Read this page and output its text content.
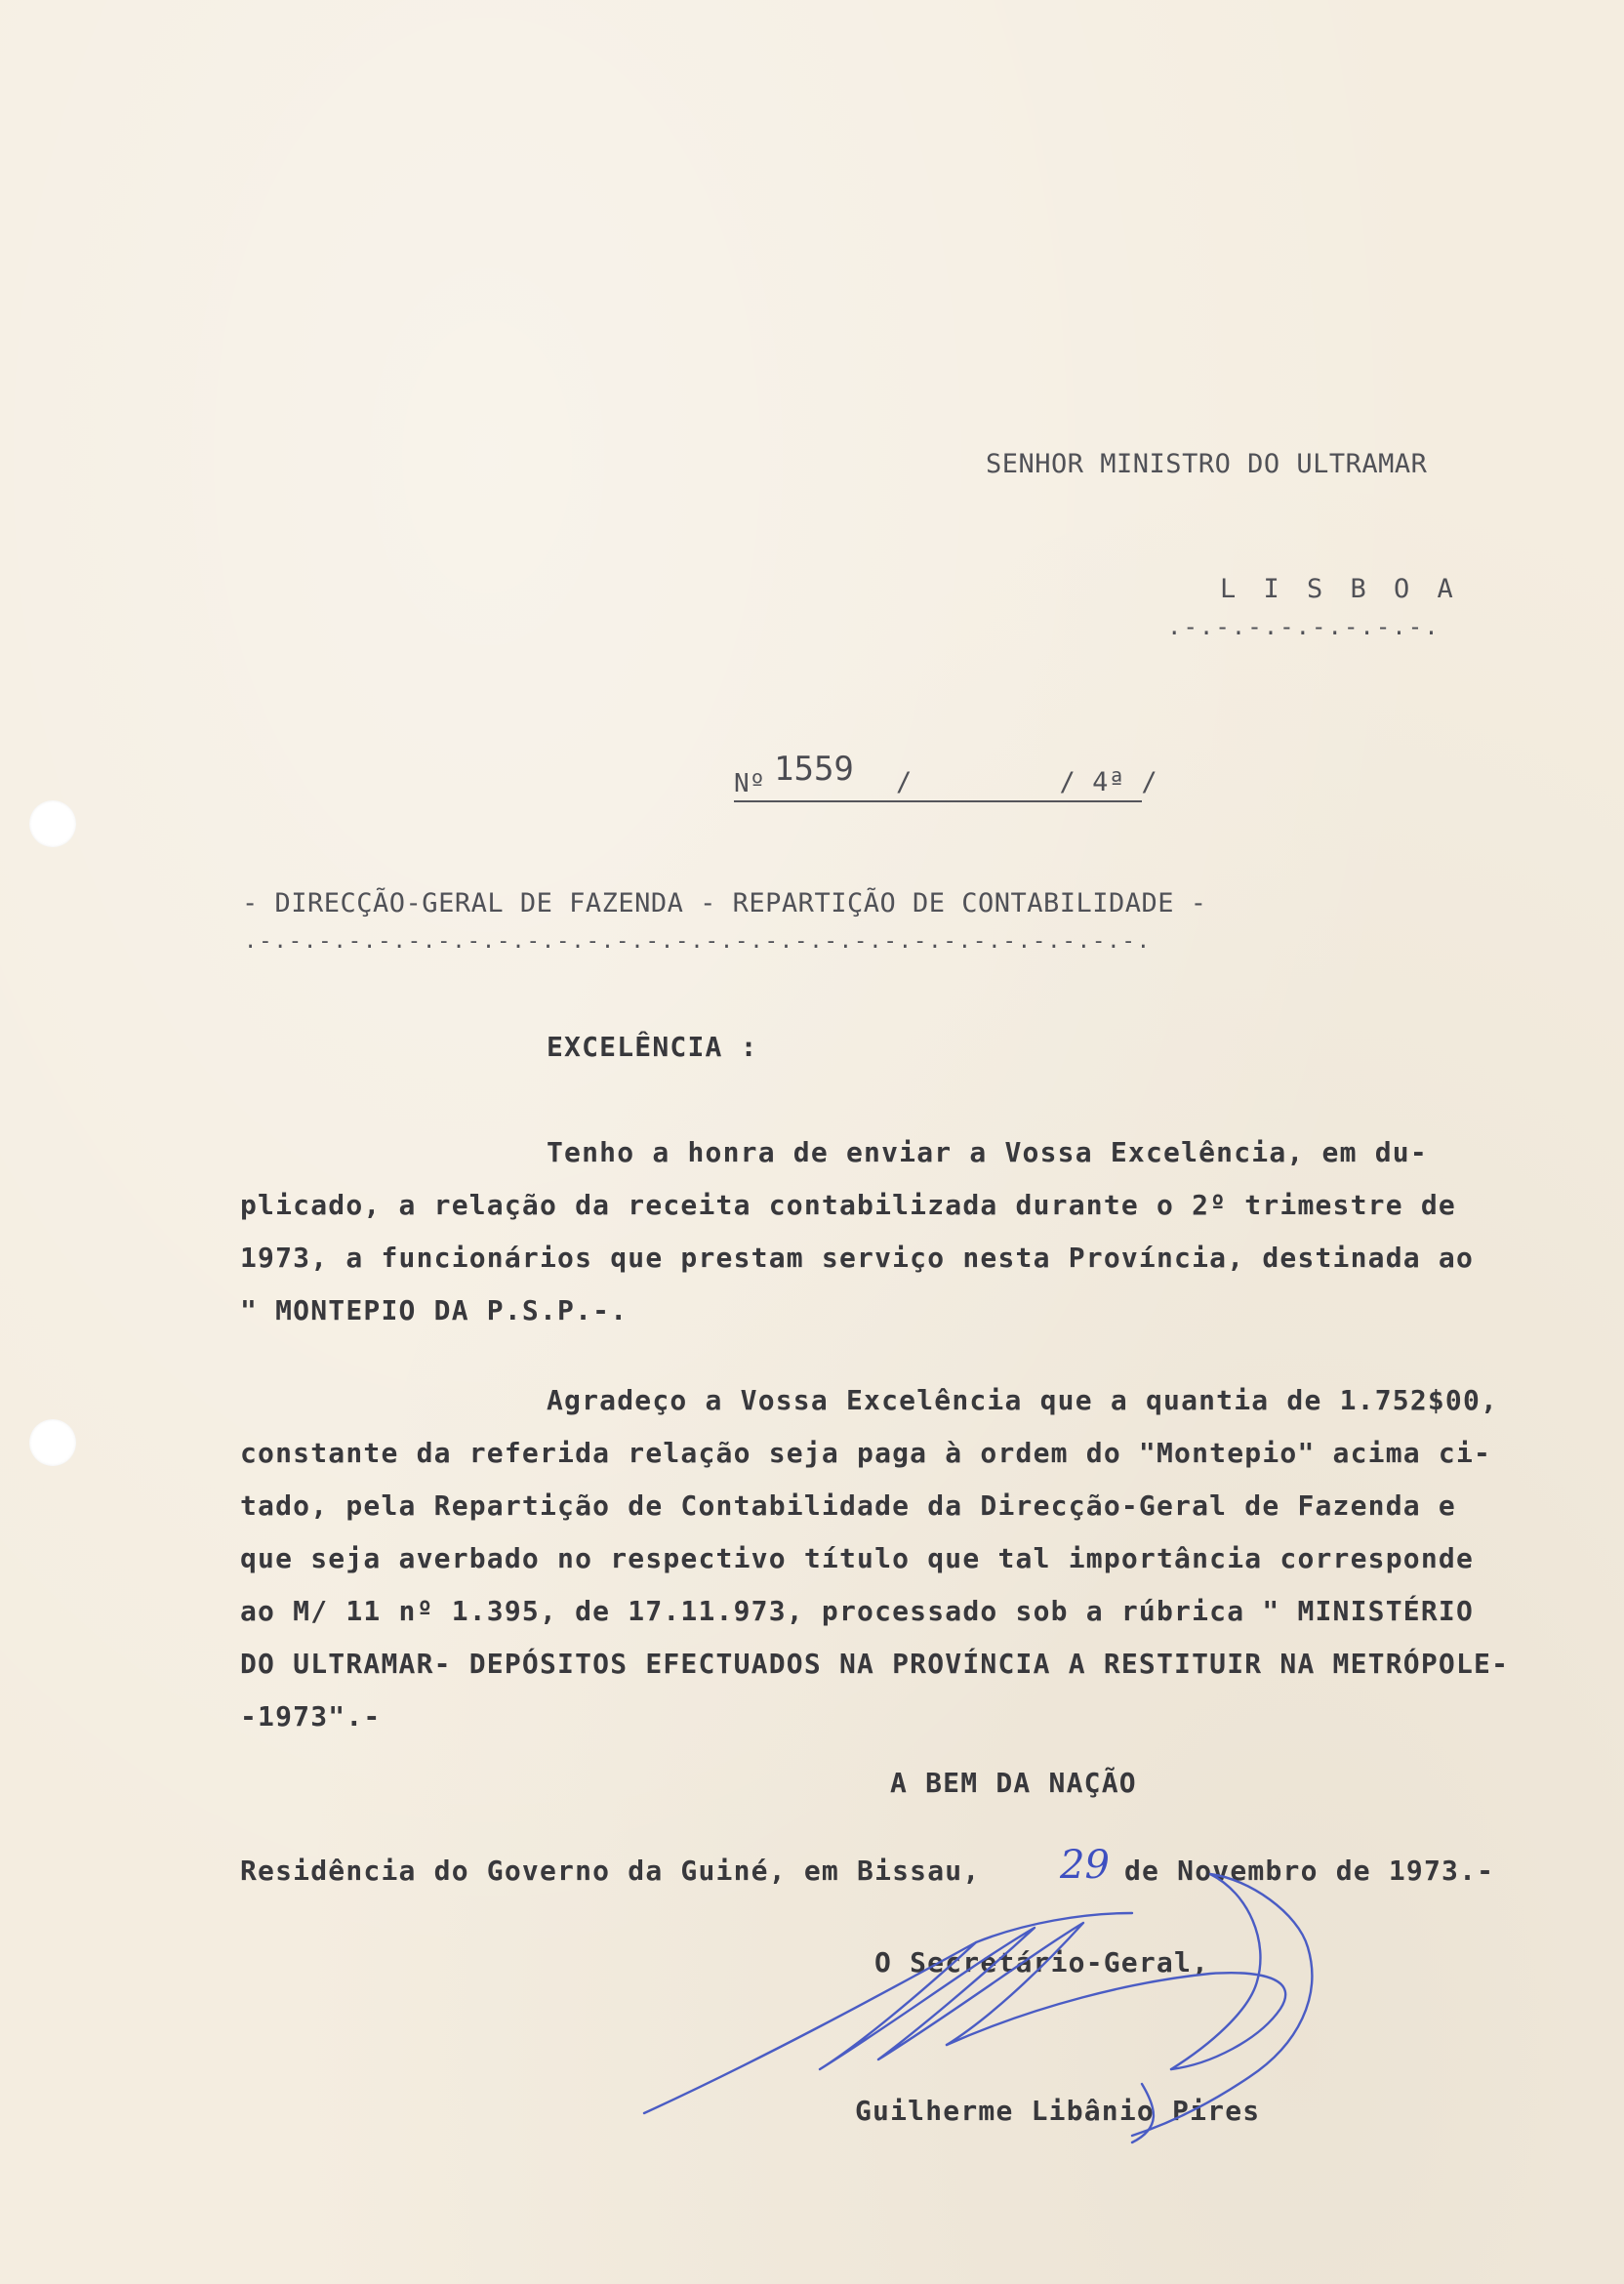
SENHOR MINISTRO DO ULTRAMAR
L I S B O A
.-.-.-.-.-.-.-.-.
Nº 1559 /         / 4ª /
- DIRECÇÃO-GERAL DE FAZENDA - REPARTIÇÃO DE CONTABILIDADE -
.-.-.-.-.-.-.-.-.-.-.-.-.-.-.-.-.-.-.-.-.-.-.-.-.-.-.-.-.-.-.
EXCELÊNCIA :
Tenho a honra de enviar a Vossa Excelência, em du-
plicado, a relação da receita contabilizada durante o 2º trimestre de
1973, a funcionários que prestam serviço nesta Província, destinada ao
" MONTEPIO DA P.S.P.-.
Agradeço a Vossa Excelência que a quantia de 1.752$00,
constante da referida relação seja paga à ordem do "Montepio" acima ci-
tado, pela Repartição de Contabilidade da Direcção-Geral de Fazenda e
que seja averbado no respectivo título que tal importância corresponde
ao M/ 11 nº 1.395, de 17.11.973, processado sob a rúbrica " MINISTÉRIO
DO ULTRAMAR- DEPÓSITOS EFECTUADOS NA PROVÍNCIA A RESTITUIR NA METRÓPOLE-
-1973".-
A BEM DA NAÇÃO
Residência do Governo da Guiné, em Bissau, 29 de Novembro de 1973.-
O Secretário-Geral,
Guilherme Libânio Pires
